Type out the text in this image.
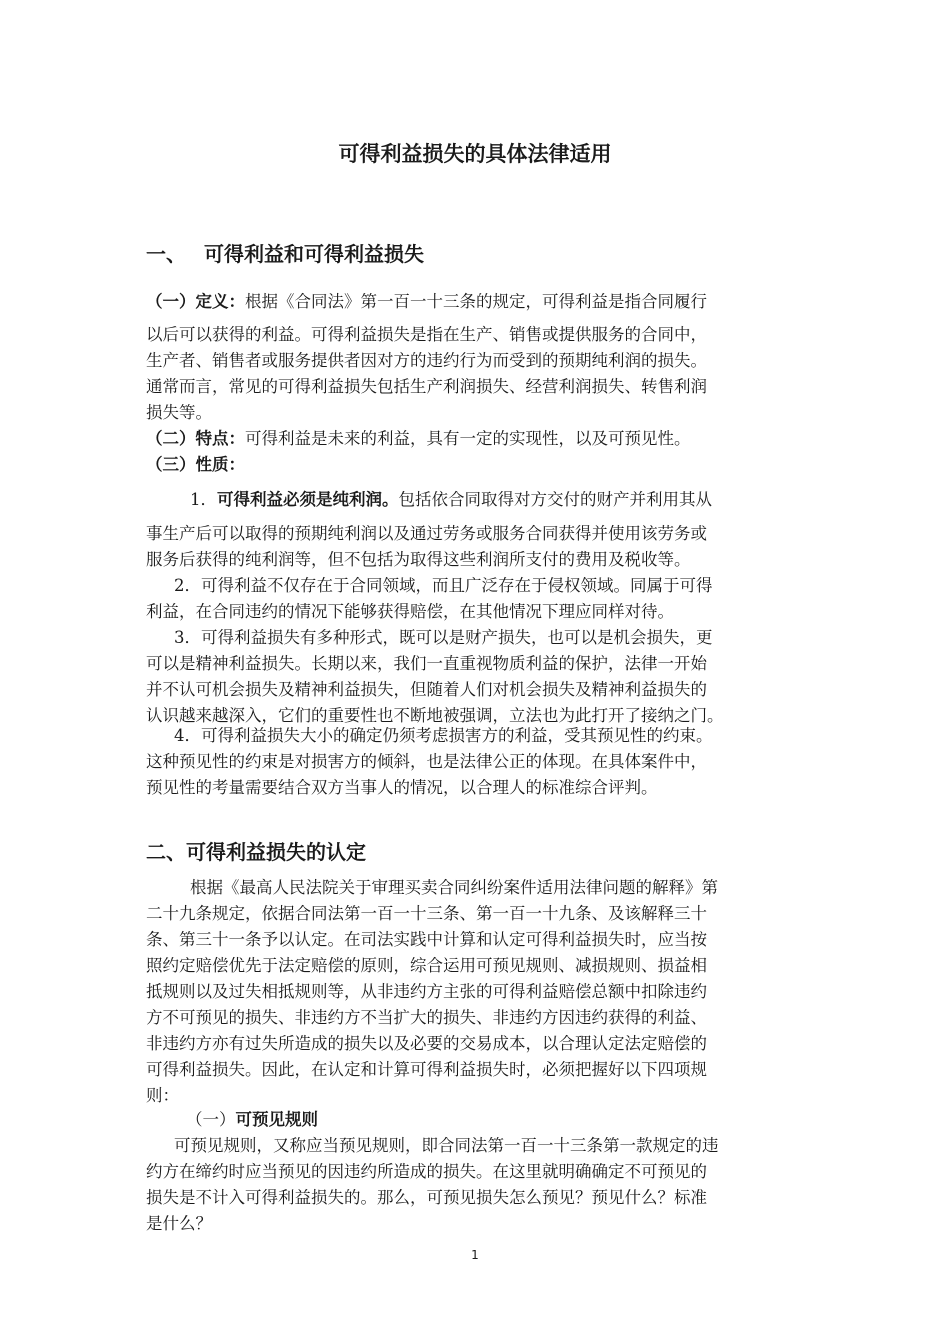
可得利益损失的具体法律适用
一、 可得利益和可得利益损失
（一）定义：根据《合同法》第一百一十三条的规定，可得利益是指合同履行
以后可以获得的利益。可得利益损失是指在生产、销售或提供服务的合同中，
生产者、销售者或服务提供者因对方的违约行为而受到的预期纯利润的损失。
通常而言，常见的可得利益损失包括生产利润损失、经营利润损失、转售利润
损失等。
（二）特点：可得利益是未来的利益，具有一定的实现性，以及可预见性。
（三）性质：
1．可得利益必须是纯利润。包括依合同取得对方交付的财产并利用其从
事生产后可以取得的预期纯利润以及通过劳务或服务合同获得并使用该劳务或
服务后获得的纯利润等，但不包括为取得这些利润所支付的费用及税收等。
2．可得利益不仅存在于合同领域，而且广泛存在于侵权领域。同属于可得
利益，在合同违约的情况下能够获得赔偿，在其他情况下理应同样对待。
3．可得利益损失有多种形式，既可以是财产损失，也可以是机会损失，更
可以是精神利益损失。长期以来，我们一直重视物质利益的保护，法律一开始
并不认可机会损失及精神利益损失，但随着人们对机会损失及精神利益损失的
认识越来越深入，它们的重要性也不断地被强调，立法也为此打开了接纳之门。
4．可得利益损失大小的确定仍须考虑损害方的利益，受其预见性的约束。
这种预见性的约束是对损害方的倾斜，也是法律公正的体现。在具体案件中，
预见性的考量需要结合双方当事人的情况，以合理人的标准综合评判。
二、可得利益损失的认定
根据《最高人民法院关于审理买卖合同纠纷案件适用法律问题的解释》第
二十九条规定，依据合同法第一百一十三条、第一百一十九条、及该解释三十
条、第三十一条予以认定。在司法实践中计算和认定可得利益损失时，应当按
照约定赔偿优先于法定赔偿的原则，综合运用可预见规则、减损规则、损益相
抵规则以及过失相抵规则等，从非违约方主张的可得利益赔偿总额中扣除违约
方不可预见的损失、非违约方不当扩大的损失、非违约方因违约获得的利益、
非违约方亦有过失所造成的损失以及必要的交易成本，以合理认定法定赔偿的
可得利益损失。因此，在认定和计算可得利益损失时，必须把握好以下四项规
则：
（一）可预见规则
可预见规则，又称应当预见规则，即合同法第一百一十三条第一款规定的违
约方在缔约时应当预见的因违约所造成的损失。在这里就明确确定不可预见的
损失是不计入可得利益损失的。那么，可预见损失怎么预见？预见什么？标准
是什么？
1
